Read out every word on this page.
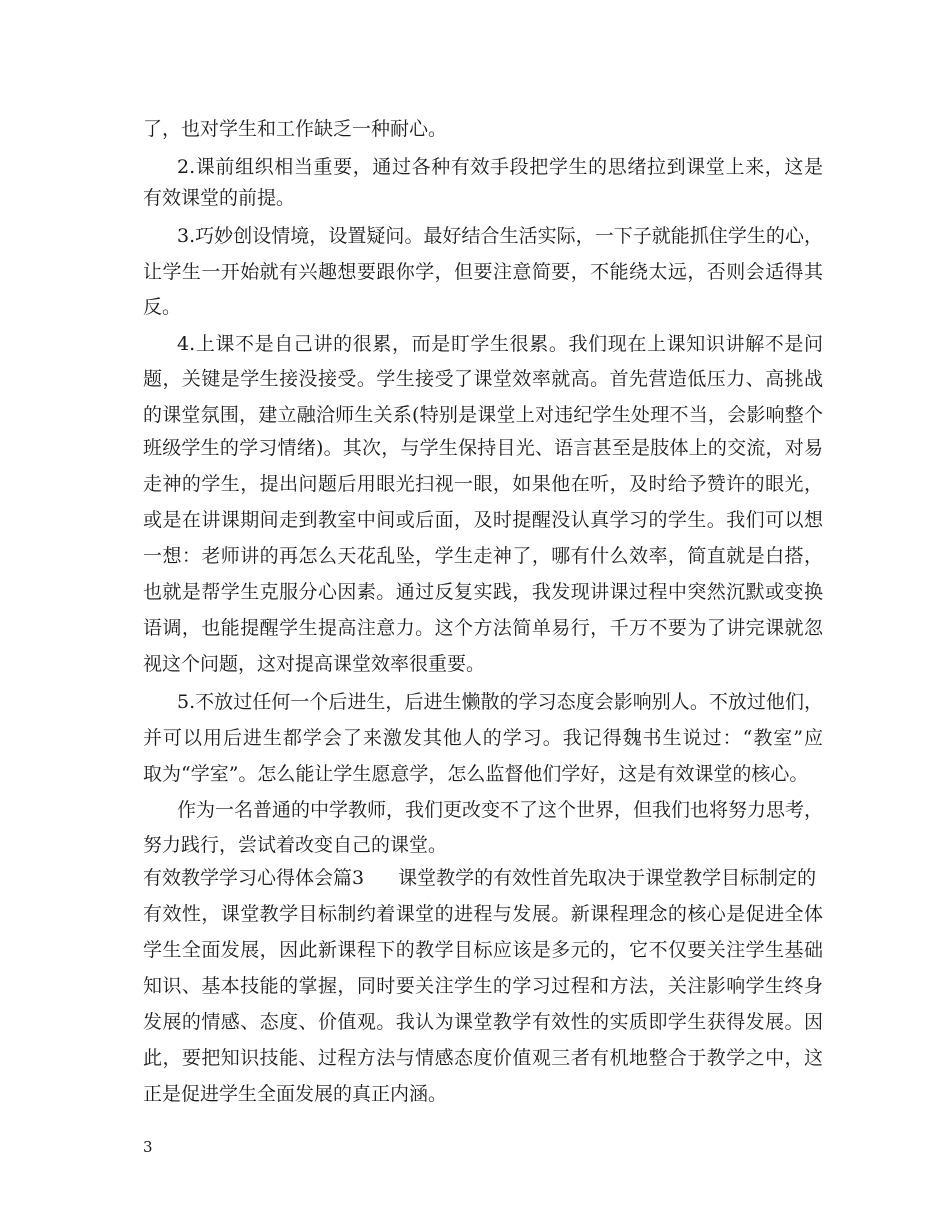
了，也对学生和工作缺乏一种耐心。
2.课前组织相当重要，通过各种有效手段把学生的思绪拉到课堂上来，这是
有效课堂的前提。
3.巧妙创设情境，设置疑问。最好结合生活实际，一下子就能抓住学生的心，
让学生一开始就有兴趣想要跟你学，但要注意简要，不能绕太远，否则会适得其
反。
4.上课不是自己讲的很累，而是盯学生很累。我们现在上课知识讲解不是问
题，关键是学生接没接受。学生接受了课堂效率就高。首先营造低压力、高挑战
的课堂氛围，建立融洽师生关系(特别是课堂上对违纪学生处理不当，会影响整个
班级学生的学习情绪)。其次，与学生保持目光、语言甚至是肢体上的交流，对易
走神的学生，提出问题后用眼光扫视一眼，如果他在听，及时给予赞许的眼光，
或是在讲课期间走到教室中间或后面，及时提醒没认真学习的学生。我们可以想
一想：老师讲的再怎么天花乱坠，学生走神了，哪有什么效率，简直就是白搭，
也就是帮学生克服分心因素。通过反复实践，我发现讲课过程中突然沉默或变换
语调，也能提醒学生提高注意力。这个方法简单易行，千万不要为了讲完课就忽
视这个问题，这对提高课堂效率很重要。
5.不放过任何一个后进生，后进生懒散的学习态度会影响别人。不放过他们，
并可以用后进生都学会了来激发其他人的学习。我记得魏书生说过：“教室”应
取为“学室”。怎么能让学生愿意学，怎么监督他们学好，这是有效课堂的核心。
作为一名普通的中学教师，我们更改变不了这个世界，但我们也将努力思考，
努力践行，尝试着改变自己的课堂。
有效教学学习心得体会篇3 课堂教学的有效性首先取决于课堂教学目标制定的
有效性，课堂教学目标制约着课堂的进程与发展。新课程理念的核心是促进全体
学生全面发展，因此新课程下的教学目标应该是多元的，它不仅要关注学生基础
知识、基本技能的掌握，同时要关注学生的学习过程和方法，关注影响学生终身
发展的情感、态度、价值观。我认为课堂教学有效性的实质即学生获得发展。因
此，要把知识技能、过程方法与情感态度价值观三者有机地整合于教学之中，这
正是促进学生全面发展的真正内涵。
3
